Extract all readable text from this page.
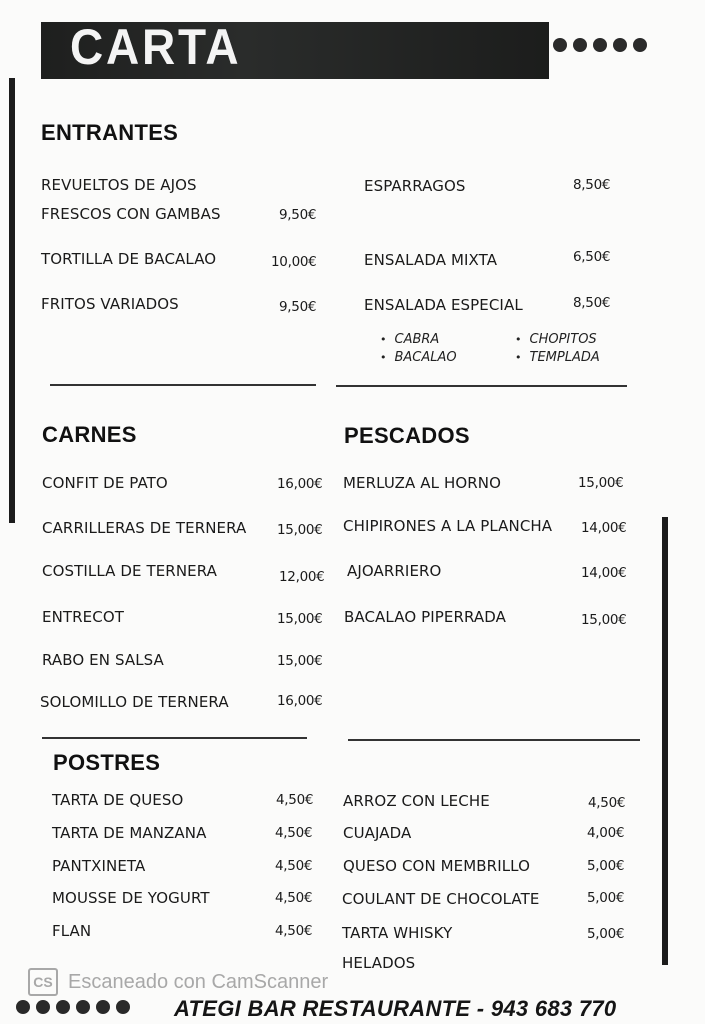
CARTA
ENTRANTES
REVUELTOS DE AJOS
FRESCOS CON GAMBAS	9,50€
TORTILLA DE BACALAO	10,00€
FRITOS VARIADOS	9,50€
ESPARRAGOS	8,50€
ENSALADA MIXTA	6,50€
ENSALADA ESPECIAL	8,50€
• CABRA
• BACALAO
• CHOPITOS
• TEMPLADA
CARNES
CONFIT DE PATO	16,00€
CARRILLERAS DE TERNERA 15,00€
COSTILLA DE TERNERA	12,00€
ENTRECOT	15,00€
RABO EN SALSA	15,00€
SOLOMILLO DE TERNERA	16,00€
PESCADOS
MERLUZA AL HORNO	15,00€
CHIPIRONES A LA PLANCHA 14,00€
AJOARRIERO	14,00€
BACALAO PIPERRADA	15,00€
POSTRES
TARTA DE QUESO	4,50€
TARTA DE MANZANA	4,50€
PANTXINETA	4,50€
MOUSSE DE YOGURT	4,50€
FLAN	4,50€
ARROZ CON LECHE	4,50€
CUAJADA	4,00€
QUESO CON MEMBRILLO	5,00€
COULANT DE CHOCOLATE	5,00€
TARTA WHISKY	5,00€
HELADOS
CS Escaneado con CamScanner
ATEGI BAR RESTAURANTE - 943 683 770
